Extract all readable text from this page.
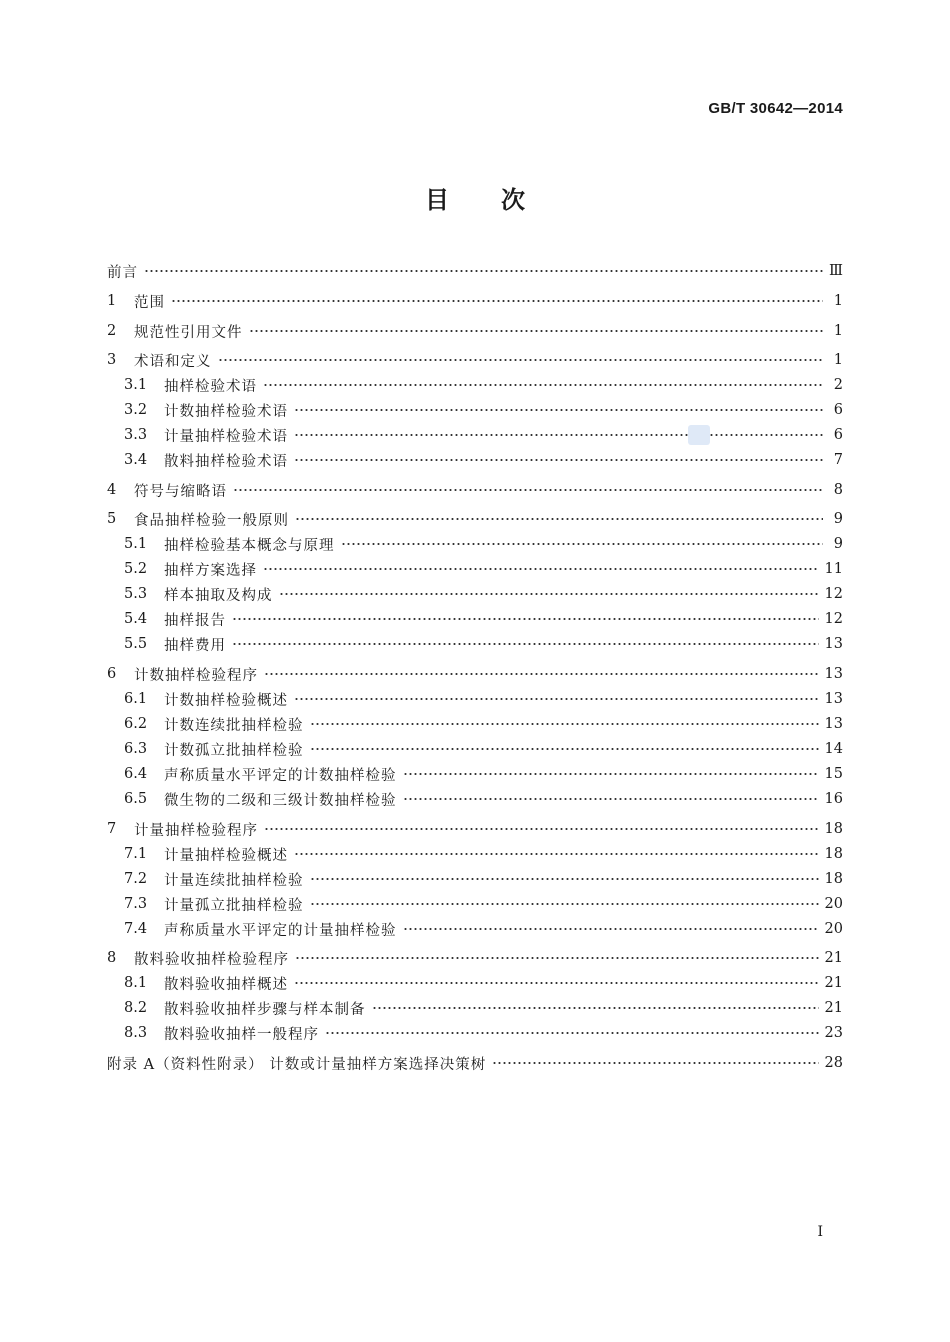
GB/T 30642—2014
目 次
前言	Ⅲ
1	范围	1
2	规范性引用文件	1
3	术语和定义	1
3.1	抽样检验术语	2
3.2	计数抽样检验术语	6
3.3	计量抽样检验术语	6
3.4	散料抽样检验术语	7
4	符号与缩略语	8
5	食品抽样检验一般原则	9
5.1	抽样检验基本概念与原理	9
5.2	抽样方案选择	11
5.3	样本抽取及构成	12
5.4	抽样报告	12
5.5	抽样费用	13
6	计数抽样检验程序	13
6.1	计数抽样检验概述	13
6.2	计数连续批抽样检验	13
6.3	计数孤立批抽样检验	14
6.4	声称质量水平评定的计数抽样检验	15
6.5	微生物的二级和三级计数抽样检验	16
7	计量抽样检验程序	18
7.1	计量抽样检验概述	18
7.2	计量连续批抽样检验	18
7.3	计量孤立批抽样检验	20
7.4	声称质量水平评定的计量抽样检验	20
8	散料验收抽样检验程序	21
8.1	散料验收抽样概述	21
8.2	散料验收抽样步骤与样本制备	21
8.3	散料验收抽样一般程序	23
附录 A（资料性附录） 计数或计量抽样方案选择决策树	28
I
